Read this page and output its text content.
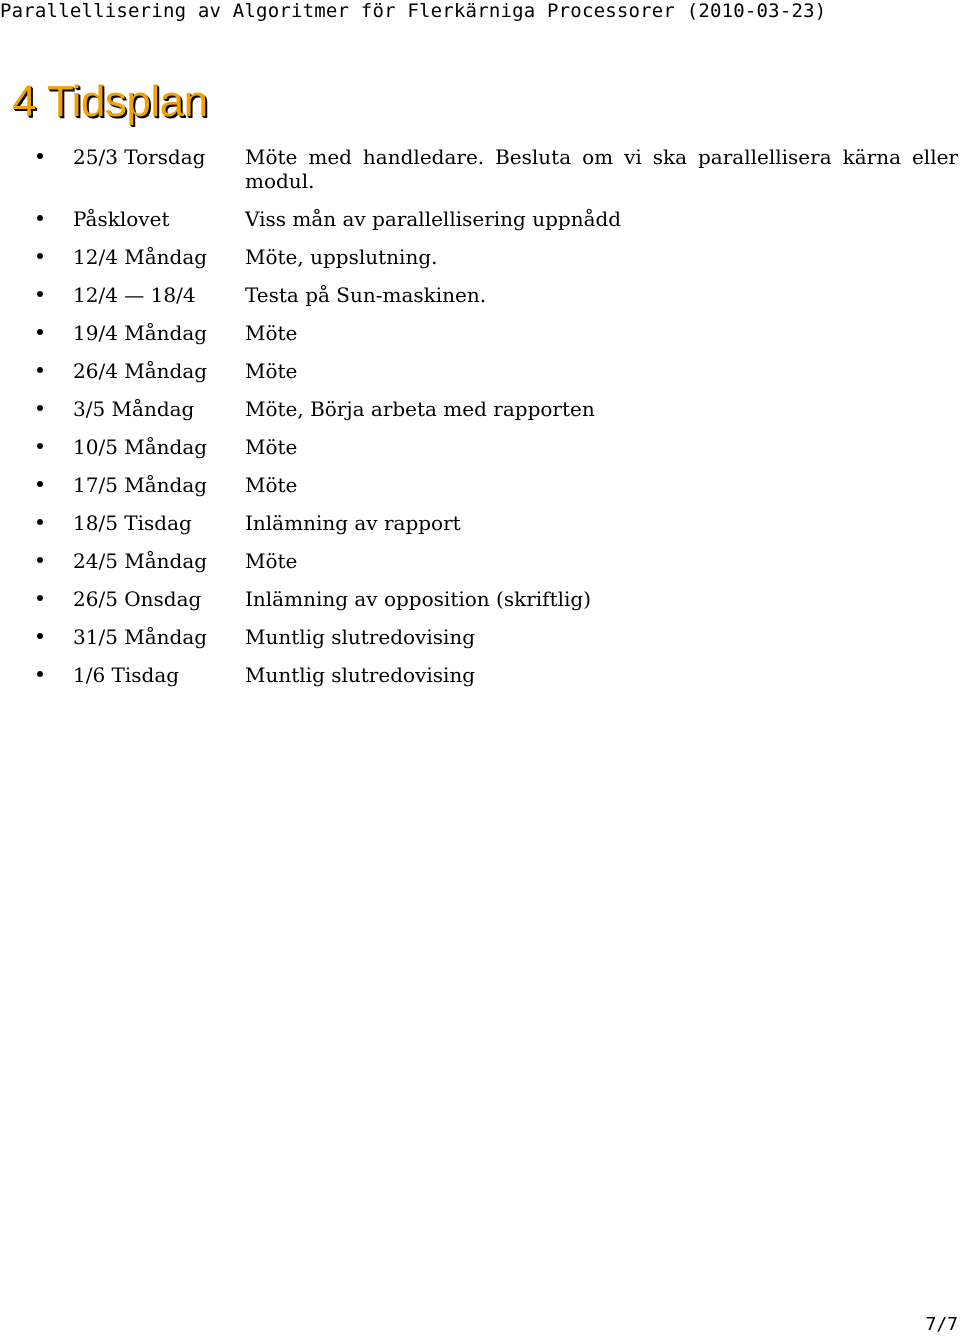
Parallellisering av Algoritmer för Flerkärniga Processorer (2010-03-23)
4 Tidsplan
25/3 Torsdag Möte med handledare. Besluta om vi ska parallellisera kärna eller modul.
Påsklovet	Viss mån av parallellisering uppnådd
12/4 Måndag Möte, uppslutning.
12/4 — 18/4 Testa på Sun-maskinen.
19/4 Måndag Möte
26/4 Måndag Möte
3/5 Måndag	Möte, Börja arbeta med rapporten
10/5 Måndag Möte
17/5 Måndag Möte
18/5 Tisdag	Inlämning av rapport
24/5 Måndag Möte
26/5 Onsdag Inlämning av opposition (skriftlig)
31/5 Måndag Muntlig slutredovising
1/6 Tisdag	Muntlig slutredovising
7/7
